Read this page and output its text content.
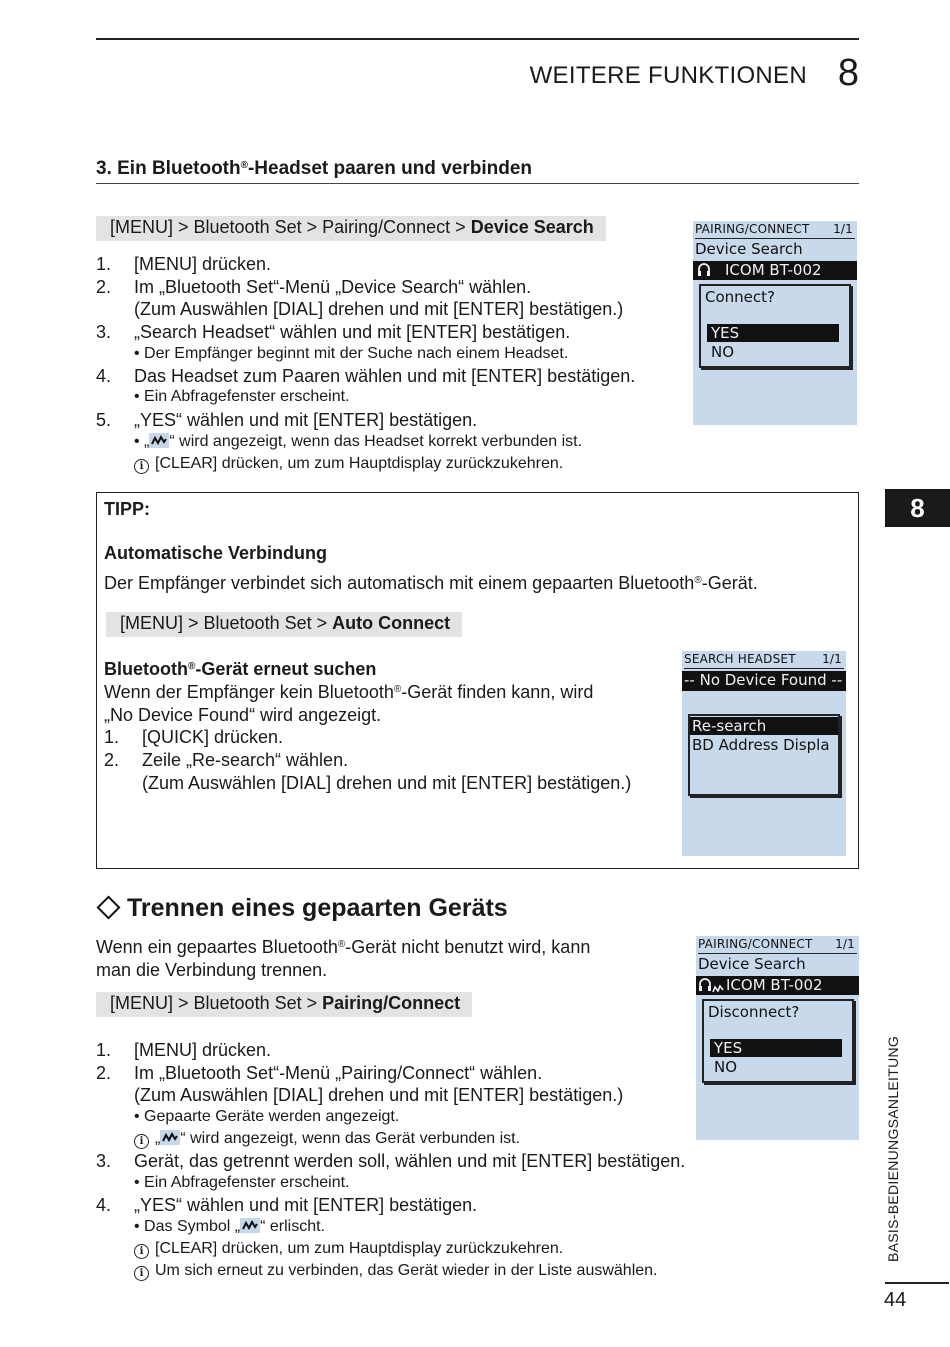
WEITERE FUNKTIONEN 8
3. Ein Bluetooth®-Headset paaren und verbinden
[MENU] > Bluetooth Set > Pairing/Connect > Device Search
1. [MENU] drücken.
2. Im „Bluetooth Set“-Menü „Device Search“ wählen.
(Zum Auswählen [DIAL] drehen und mit [ENTER] bestätigen.)
3. „Search Headset“ wählen und mit [ENTER] bestätigen.
• Der Empfänger beginnt mit der Suche nach einem Headset.
4. Das Headset zum Paaren wählen und mit [ENTER] bestätigen.
• Ein Abfragefenster erscheint.
5. „YES“ wählen und mit [ENTER] bestätigen.
• „ “ wird angezeigt, wenn das Headset korrekt verbunden ist.
i [CLEAR] drücken, um zum Hauptdisplay zurückzukehren.
PAIRING/CONNECT 1/1
Device Search
ICOM BT-002
Connect?
YES
NO
8
TIPP:
Automatische Verbindung
Der Empfänger verbindet sich automatisch mit einem gepaarten Bluetooth®-Gerät.
[MENU] > Bluetooth Set > Auto Connect
Bluetooth®-Gerät erneut suchen
Wenn der Empfänger kein Bluetooth®-Gerät finden kann, wird
„No Device Found“ wird angezeigt.
1. [QUICK] drücken.
2. Zeile „Re-search“ wählen.
(Zum Auswählen [DIAL] drehen und mit [ENTER] bestätigen.)
SEARCH HEADSET 1/1
-- No Device Found --
Re-search
BD Address Displa
Trennen eines gepaarten Geräts
Wenn ein gepaartes Bluetooth®-Gerät nicht benutzt wird, kann
man die Verbindung trennen.
[MENU] > Bluetooth Set > Pairing/Connect
1. [MENU] drücken.
2. Im „Bluetooth Set“-Menü „Pairing/Connect“ wählen.
(Zum Auswählen [DIAL] drehen und mit [ENTER] bestätigen.)
• Gepaarte Geräte werden angezeigt.
i „ “ wird angezeigt, wenn das Gerät verbunden ist.
3. Gerät, das getrennt werden soll, wählen und mit [ENTER] bestätigen.
• Ein Abfragefenster erscheint.
4. „YES“ wählen und mit [ENTER] bestätigen.
• Das Symbol „ “ erlischt.
i [CLEAR] drücken, um zum Hauptdisplay zurückzukehren.
i Um sich erneut zu verbinden, das Gerät wieder in der Liste auswählen.
PAIRING/CONNECT 1/1
Device Search
ICOM BT-002
Disconnect?
YES
NO	BASIS-BEDIENUNGSANLEITUNG
44
